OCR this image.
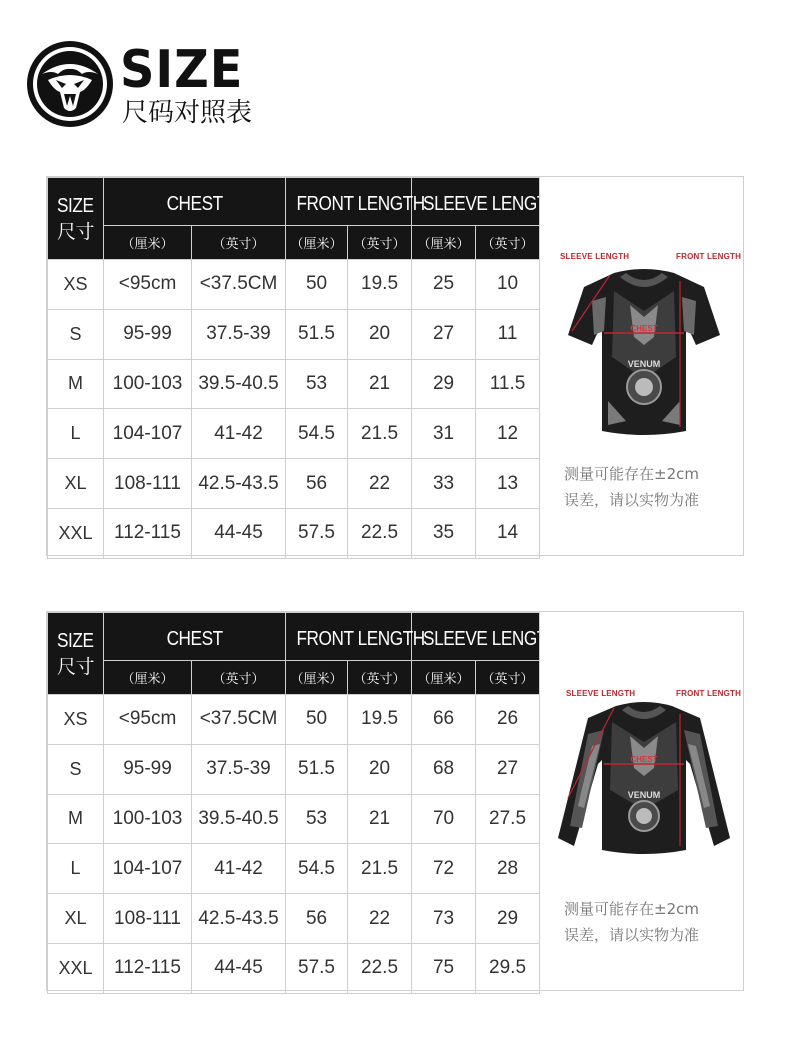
SIZE
尺码对照表
SIZE
尺寸	CHEST		FRONT LENGTH		SLEEVE LENGTH	
	（厘米）	（英寸）	（厘米）	（英寸）	（厘米）	（英寸）
XS	<95cm	<37.5CM	50	19.5	25	10
S	95-99	37.5-39	51.5	20	27	11
M	100-103	39.5-40.5	53	21	29	11.5
L	104-107	41-42	54.5	21.5	31	12
XL	108-111	42.5-43.5	56	22	33	13
XXL	112-115	44-45	57.5	22.5	35	14
SLEEVE LENGTH	FRONT LENGTH
VENUM
CHEST
测量可能存在±2cm
误差，请以实物为准
SIZE
尺寸	CHEST		FRONT LENGTH		SLEEVE LENGTH	
	（厘米）	（英寸）	（厘米）	（英寸）	（厘米）	（英寸）
XS	<95cm	<37.5CM	50	19.5	66	26
S	95-99	37.5-39	51.5	20	68	27
M	100-103	39.5-40.5	53	21	70	27.5
L	104-107	41-42	54.5	21.5	72	28
XL	108-111	42.5-43.5	56	22	73	29
XXL	112-115	44-45	57.5	22.5	75	29.5
SLEEVE LENGTH	FRONT LENGTH
VENUM
CHEST
测量可能存在±2cm
误差，请以实物为准
